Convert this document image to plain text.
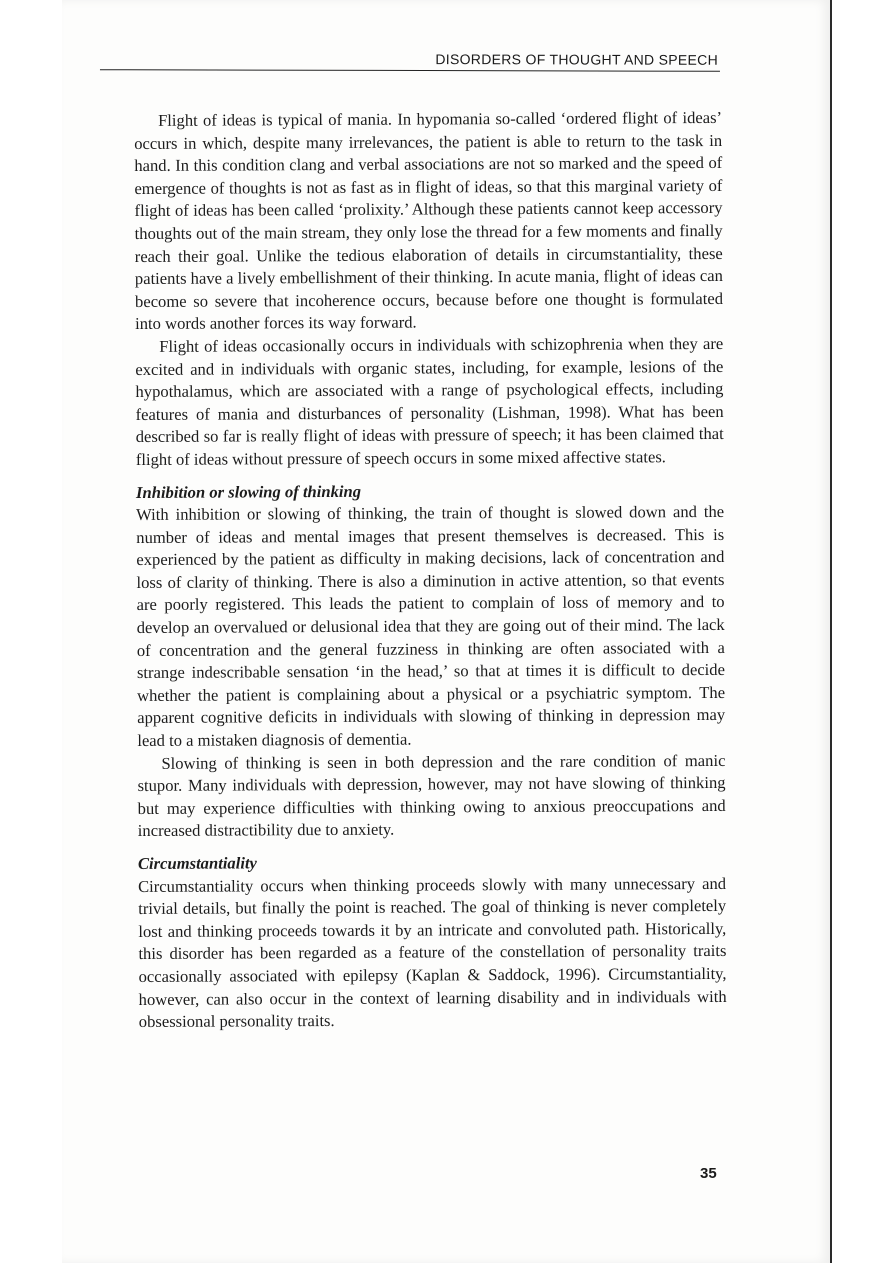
DISORDERS OF THOUGHT AND SPEECH

Flight of ideas is typical of mania. In hypomania so-called ‘ordered flight of ideas’ occurs in which, despite many irrelevances, the patient is able to return to the task in hand. In this condition clang and verbal associations are not so marked and the speed of emergence of thoughts is not as fast as in flight of ideas, so that this marginal variety of flight of ideas has been called ‘prolixity.’ Although these patients cannot keep accessory thoughts out of the main stream, they only lose the thread for a few moments and finally reach their goal. Unlike the tedious elaboration of details in circumstantiality, these patients have a lively embellishment of their thinking. In acute mania, flight of ideas can become so severe that incoherence occurs, because before one thought is formulated into words another forces its way forward.

Flight of ideas occasionally occurs in individuals with schizophrenia when they are excited and in individuals with organic states, including, for example, lesions of the hypothalamus, which are associated with a range of psychological effects, including features of mania and disturbances of personality (Lishman, 1998). What has been described so far is really flight of ideas with pressure of speech; it has been claimed that flight of ideas without pressure of speech occurs in some mixed affective states.

Inhibition or slowing of thinking

With inhibition or slowing of thinking, the train of thought is slowed down and the number of ideas and mental images that present themselves is decreased. This is experienced by the patient as difficulty in making decisions, lack of concentration and loss of clarity of thinking. There is also a diminution in active attention, so that events are poorly registered. This leads the patient to complain of loss of memory and to develop an overvalued or delusional idea that they are going out of their mind. The lack of concentration and the general fuzziness in thinking are often associated with a strange indescribable sensation ‘in the head,’ so that at times it is difficult to decide whether the patient is complaining about a physical or a psychiatric symptom. The apparent cognitive deficits in individuals with slowing of thinking in depression may lead to a mistaken diagnosis of dementia.

Slowing of thinking is seen in both depression and the rare condition of manic stupor. Many individuals with depression, however, may not have slowing of thinking but may experience difficulties with thinking owing to anxious preoccupations and increased distractibility due to anxiety.

Circumstantiality

Circumstantiality occurs when thinking proceeds slowly with many unnecessary and trivial details, but finally the point is reached. The goal of thinking is never completely lost and thinking proceeds towards it by an intricate and convoluted path. Historically, this disorder has been regarded as a feature of the constellation of personality traits occasionally associated with epilepsy (Kaplan & Saddock, 1996). Circumstantiality, however, can also occur in the context of learning disability and in individuals with obsessional personality traits.

35
